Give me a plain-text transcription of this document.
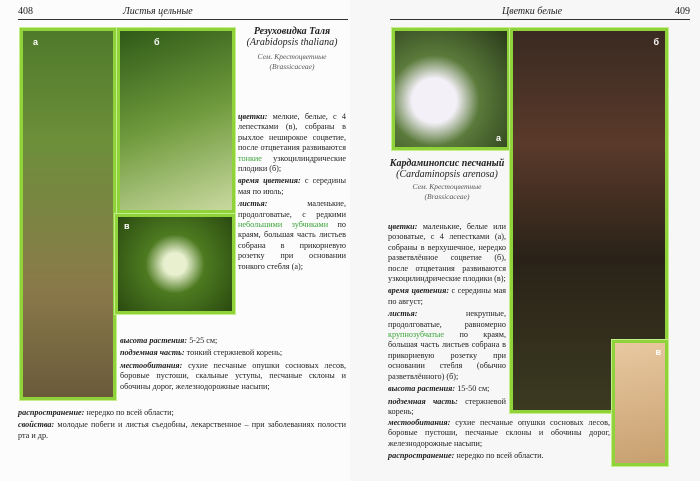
408	Листья цельные
а	б
в
Резуховидка Таля
(Arabidopsis thaliana)
Сем. Крестоцветные
(Brassicaceae)

цветки: мелкие, белые, с 4 лепестками (в), собраны в рыхлое неширокое соцветие, после отцветания развиваются тонкие узкоцилиндрические плодики (б);

время цветения: с середины мая по июль;

листья: маленькие, продолговатые, с редкими небольшими зубчиками по краям, большая часть листьев собрана в прикорневую розетку при основании тонкого стебля (а);

высота растения: 5-25 см;

подземная часть: тонкий стержневой корень;

местообитания: сухие песчаные опушки сосновых лесов, боровые пустоши, скальные уступы, песчаные склоны и обочины дорог, железнодорожные насыпи;

распространение: нередко по всей области;

свойства: молодые побеги и листья съедобны, лекарственное – при заболеваниях полости рта и др.

Цветки белые	409
а
б
в
Кардаминопсис песчаный
(Cardaminopsis arenosa)
Сем. Крестоцветные
(Brassicaceae)

цветки: маленькие, белые или розоватые, с 4 лепестками (а), собраны в верхушечное, нередко разветвлённое соцветие (б), после отцветания развиваются узкоцилиндрические плодики (в);

время цветения: с середины мая по август;

листья: некрупные, продолговатые, равномерно крупнозубчатые по краям, большая часть листьев собрана в прикорневую розетку при основании стебля (обычно разветвлённого) (б);

высота растения: 15-50 см;

подземная часть: стержневой корень;

местообитания: сухие песчаные опушки сосновых лесов, боровые пустоши, песчаные склоны и обочины дорог, железнодорожные насыпи;

распространение: нередко по всей области.
